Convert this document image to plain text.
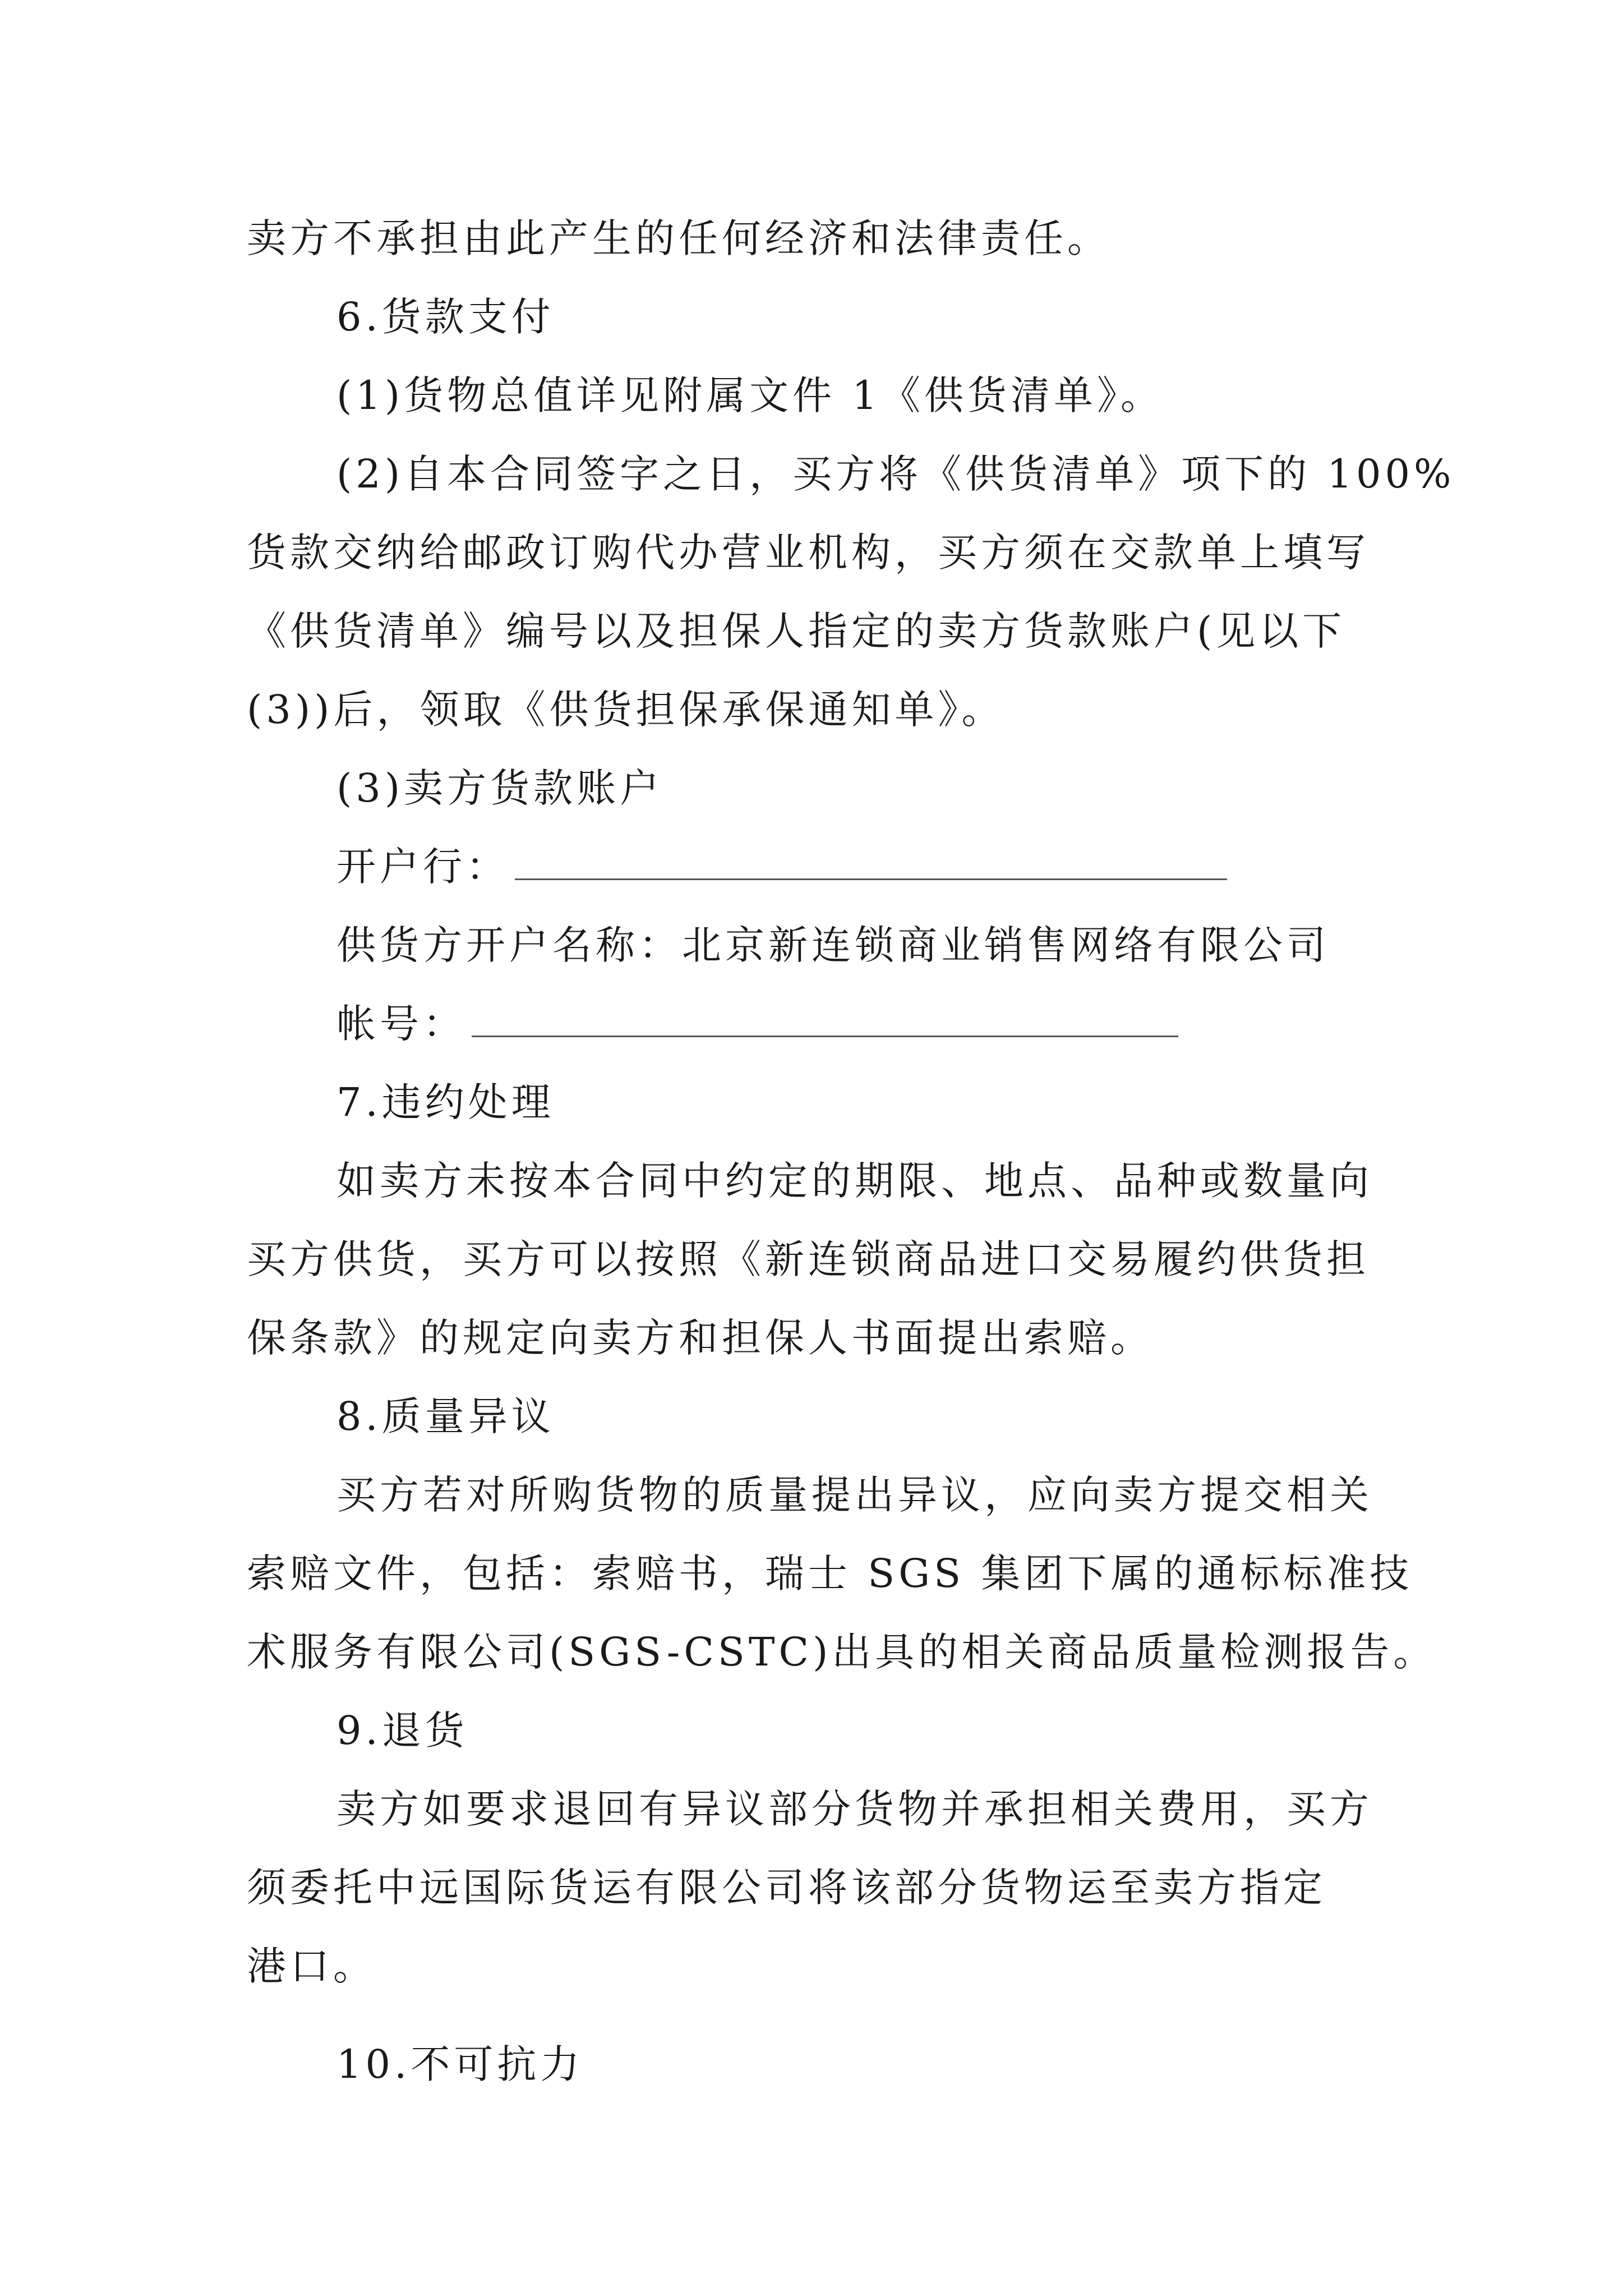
卖方不承担由此产生的任何经济和法律责任。
6.货款支付
(1)货物总值详见附属文件 1《供货清单》。
(2)自本合同签字之日，买方将《供货清单》项下的 100%
货款交纳给邮政订购代办营业机构，买方须在交款单上填写
《供货清单》编号以及担保人指定的卖方货款账户(见以下
(3))后，领取《供货担保承保通知单》。
(3)卖方货款账户
开户行：
供货方开户名称：北京新连锁商业销售网络有限公司
帐号：
7.违约处理
如卖方未按本合同中约定的期限、地点、品种或数量向
买方供货，买方可以按照《新连锁商品进口交易履约供货担
保条款》的规定向卖方和担保人书面提出索赔。
8.质量异议
买方若对所购货物的质量提出异议，应向卖方提交相关
索赔文件，包括：索赔书，瑞士 SGS 集团下属的通标标准技
术服务有限公司(SGS-CSTC)出具的相关商品质量检测报告。
9.退货
卖方如要求退回有异议部分货物并承担相关费用，买方
须委托中远国际货运有限公司将该部分货物运至卖方指定
港口。
10.不可抗力
